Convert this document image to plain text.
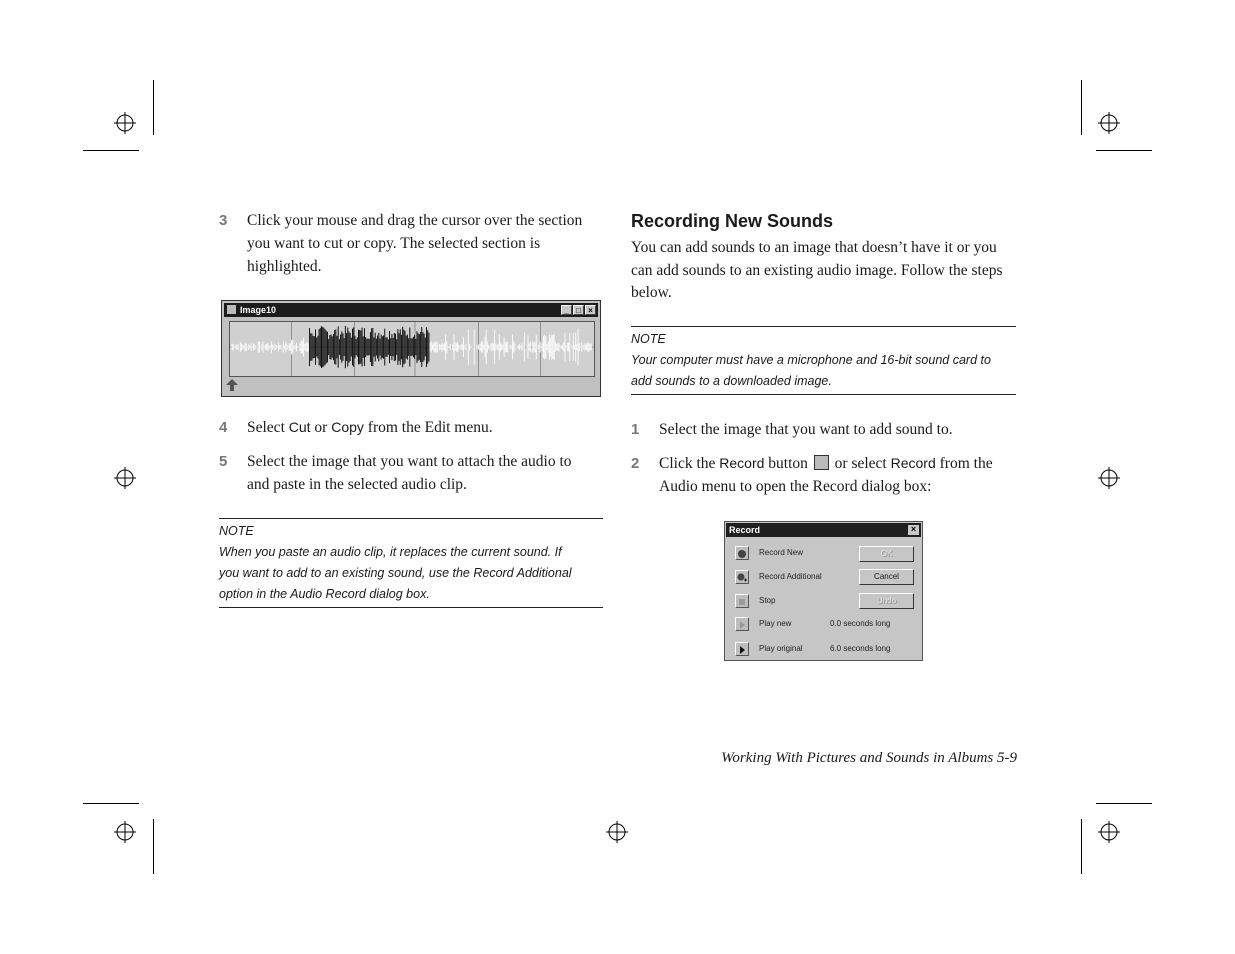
3 Click your mouse and drag the cursor over the section
you want to cut or copy. The selected section is
highlighted.
Image10	_ □ ×
4 Select Cut or Copy from the Edit menu.
5 Select the image that you want to attach the audio to
and paste in the selected audio clip.
NOTE
When you paste an audio clip, it replaces the current sound. If
you want to add to an existing sound, use the Record Additional
option in the Audio Record dialog box.
Recording New Sounds
You can add sounds to an image that doesn’t have it or you
can add sounds to an existing audio image. Follow the steps
below.
NOTE
Your computer must have a microphone and 16-bit sound card to
add sounds to a downloaded image.
1 Select the image that you want to add sound to.
2 Click the Record button  or select Record from the
Audio menu to open the Record dialog box:
Record	×
Record New
Record Additional
Stop
Play new	0.0 seconds long
Play original	6.0 seconds long
OK
Cancel
Undo
Working With Pictures and Sounds in Albums 5-9
